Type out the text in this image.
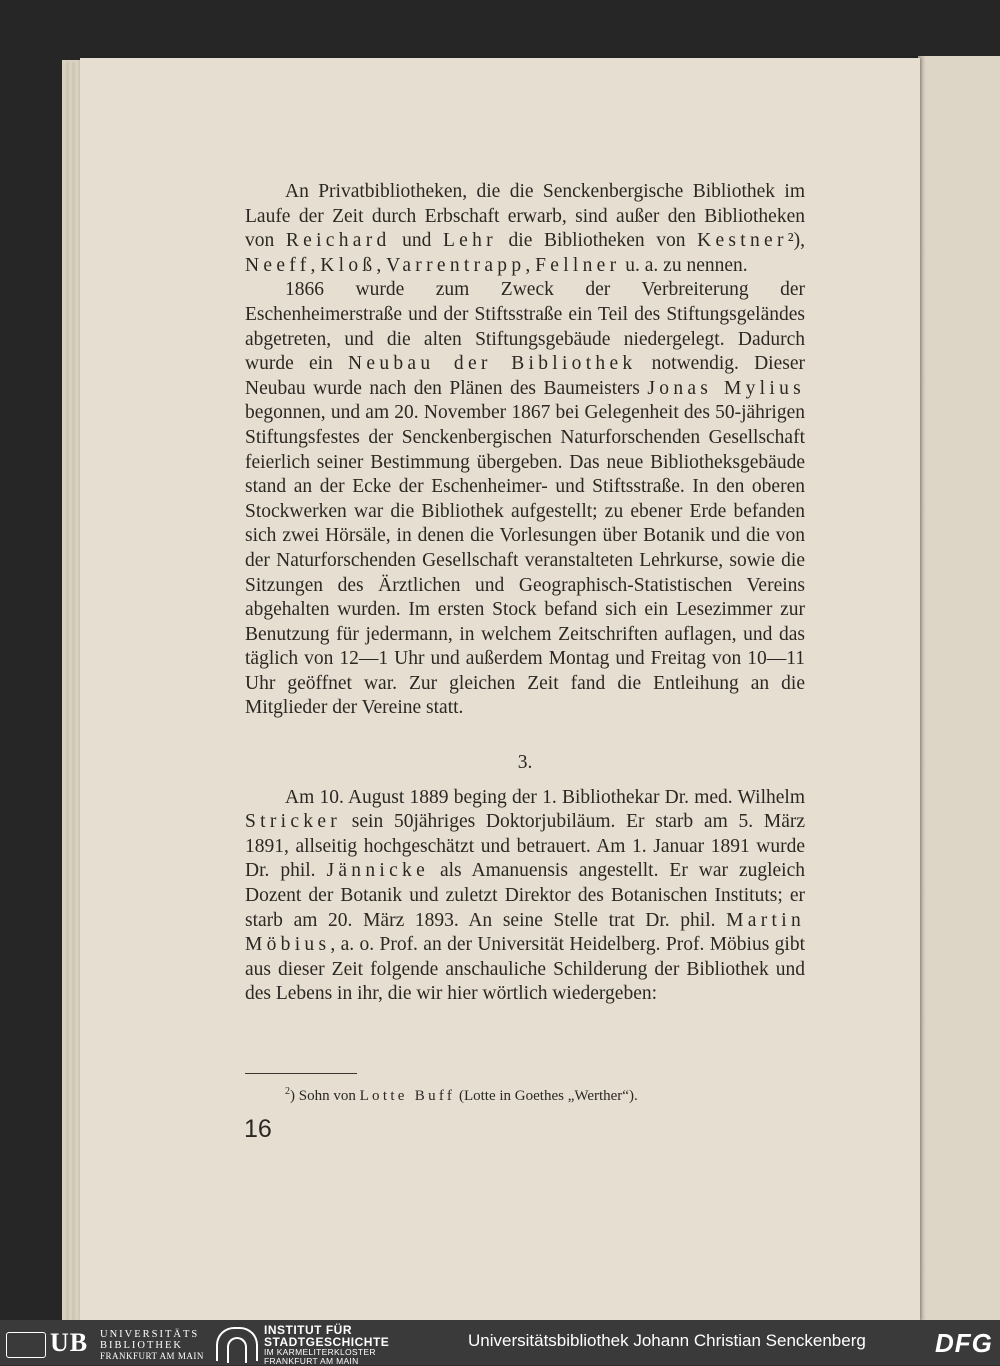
An Privatbibliotheken, die die Senckenbergische Bibliothek im Laufe der Zeit durch Erbschaft erwarb, sind außer den Bibliotheken von Reichard und Lehr die Bibliotheken von Kestner²), Neeff, Kloß, Varrentrapp, Fellner u. a. zu nennen.

1866 wurde zum Zweck der Verbreiterung der Eschenheimerstraße und der Stiftsstraße ein Teil des Stiftungsgeländes abgetreten, und die alten Stiftungsgebäude niedergelegt. Dadurch wurde ein Neubau der Bibliothek notwendig. Dieser Neubau wurde nach den Plänen des Baumeisters Jonas Mylius begonnen, und am 20. November 1867 bei Gelegenheit des 50-jährigen Stiftungsfestes der Senckenbergischen Naturforschenden Gesellschaft feierlich seiner Bestimmung übergeben. Das neue Bibliotheksgebäude stand an der Ecke der Eschenheimer- und Stiftsstraße. In den oberen Stockwerken war die Bibliothek aufgestellt; zu ebener Erde befanden sich zwei Hörsäle, in denen die Vorlesungen über Botanik und die von der Naturforschenden Gesellschaft veranstalteten Lehrkurse, sowie die Sitzungen des Ärztlichen und Geographisch-Statistischen Vereins abgehalten wurden. Im ersten Stock befand sich ein Lesezimmer zur Benutzung für jedermann, in welchem Zeitschriften auflagen, und das täglich von 12—1 Uhr und außerdem Montag und Freitag von 10—11 Uhr geöffnet war. Zur gleichen Zeit fand die Entleihung an die Mitglieder der Vereine statt.

3.

Am 10. August 1889 beging der 1. Bibliothekar Dr. med. Wilhelm Stricker sein 50jähriges Doktorjubiläum. Er starb am 5. März 1891, allseitig hochgeschätzt und betrauert. Am 1. Januar 1891 wurde Dr. phil. Jännicke als Amanuensis angestellt. Er war zugleich Dozent der Botanik und zuletzt Direktor des Botanischen Instituts; er starb am 20. März 1893. An seine Stelle trat Dr. phil. Martin Möbius, a. o. Prof. an der Universität Heidelberg. Prof. Möbius gibt aus dieser Zeit folgende anschauliche Schilderung der Bibliothek und des Lebens in ihr, die wir hier wörtlich wiedergeben:

$^2$) Sohn von Lotte Buff (Lotte in Goethes „Werther“).
16
UB UNIVERSITÄTS
BIBLIOTHEK
FRANKFURT AM MAIN
INSTITUT FÜR
STADTGESCHICHTE
IM KARMELITERKLOSTER
FRANKFURT AM MAIN
Universitätsbibliothek Johann Christian Senckenberg	DFG
